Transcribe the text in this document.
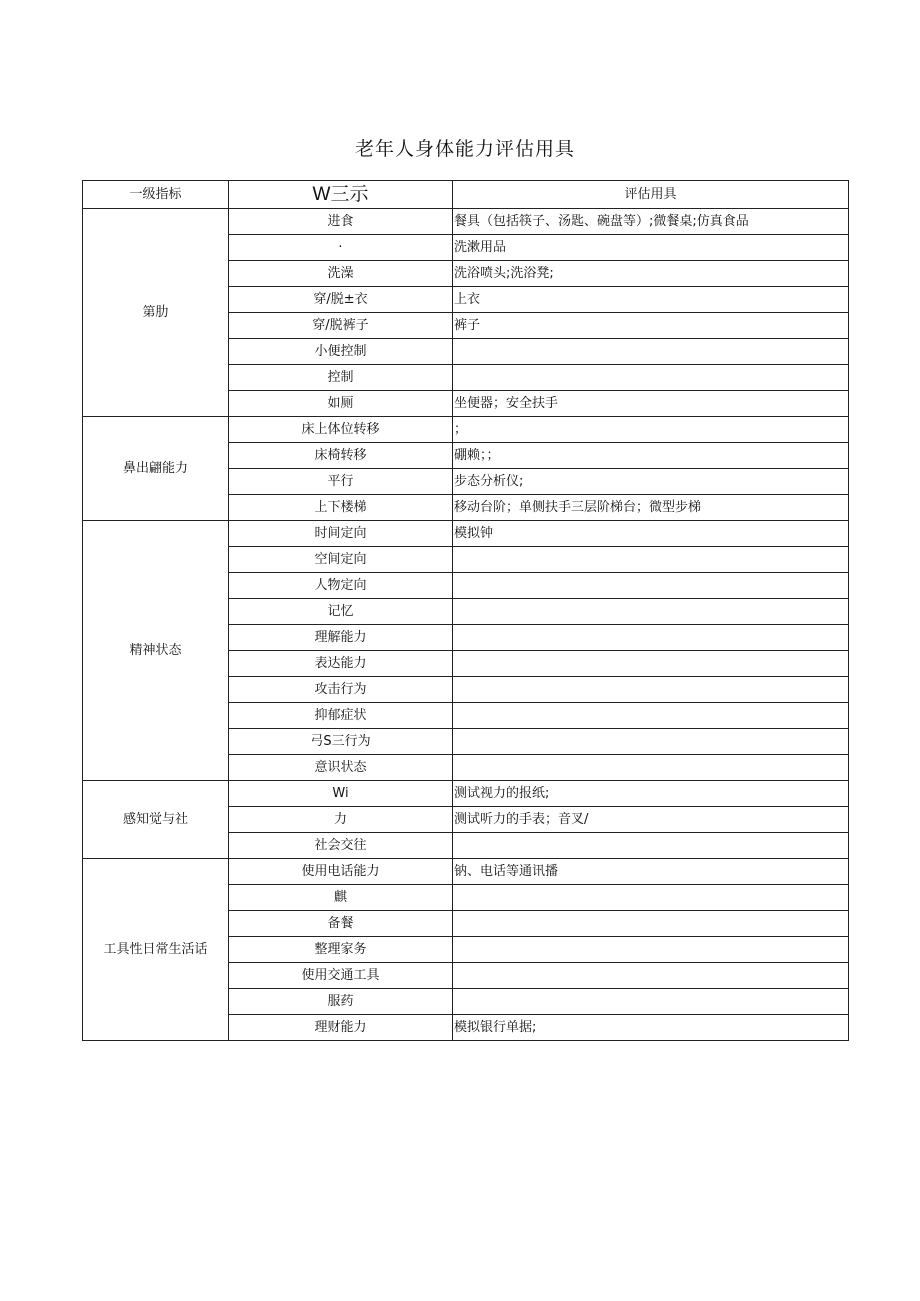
老年人身体能力评估用具
一级指标	W三示	评估用具
第肋	进食	餐具（包括筷子、汤匙、碗盘等）;微餐桌;仿真食品
	·	洗漱用品
	洗澡	洗浴喷头;洗浴凳;
	穿/脱±衣	上衣
	穿/脱裤子	裤子
	小便控制	
	控制	
	如厕	坐便器；安全扶手
鼻出翩能力	床上体位转移	；
	床椅转移	硼赖；；
	平行	步态分析仪;
	上下楼梯	移动台阶；单侧扶手三层阶梯台；微型步梯
精神状态	时间定向	模拟钟
	空间定向	
	人物定向	
	记忆	
	理解能力	
	表达能力	
	攻击行为	
	抑郁症状	
	弓S三行为	
	意识状态	
感知觉与社	Wi	测试视力的报纸;
	力	测试听力的手表；音叉/
	社会交往	
工具性日常生活话	使用电话能力	钠、电话等通讯播
	麒	
	备餐	
	整理家务	
	使用交通工具	
	服药	
	理财能力	模拟银行单据;
